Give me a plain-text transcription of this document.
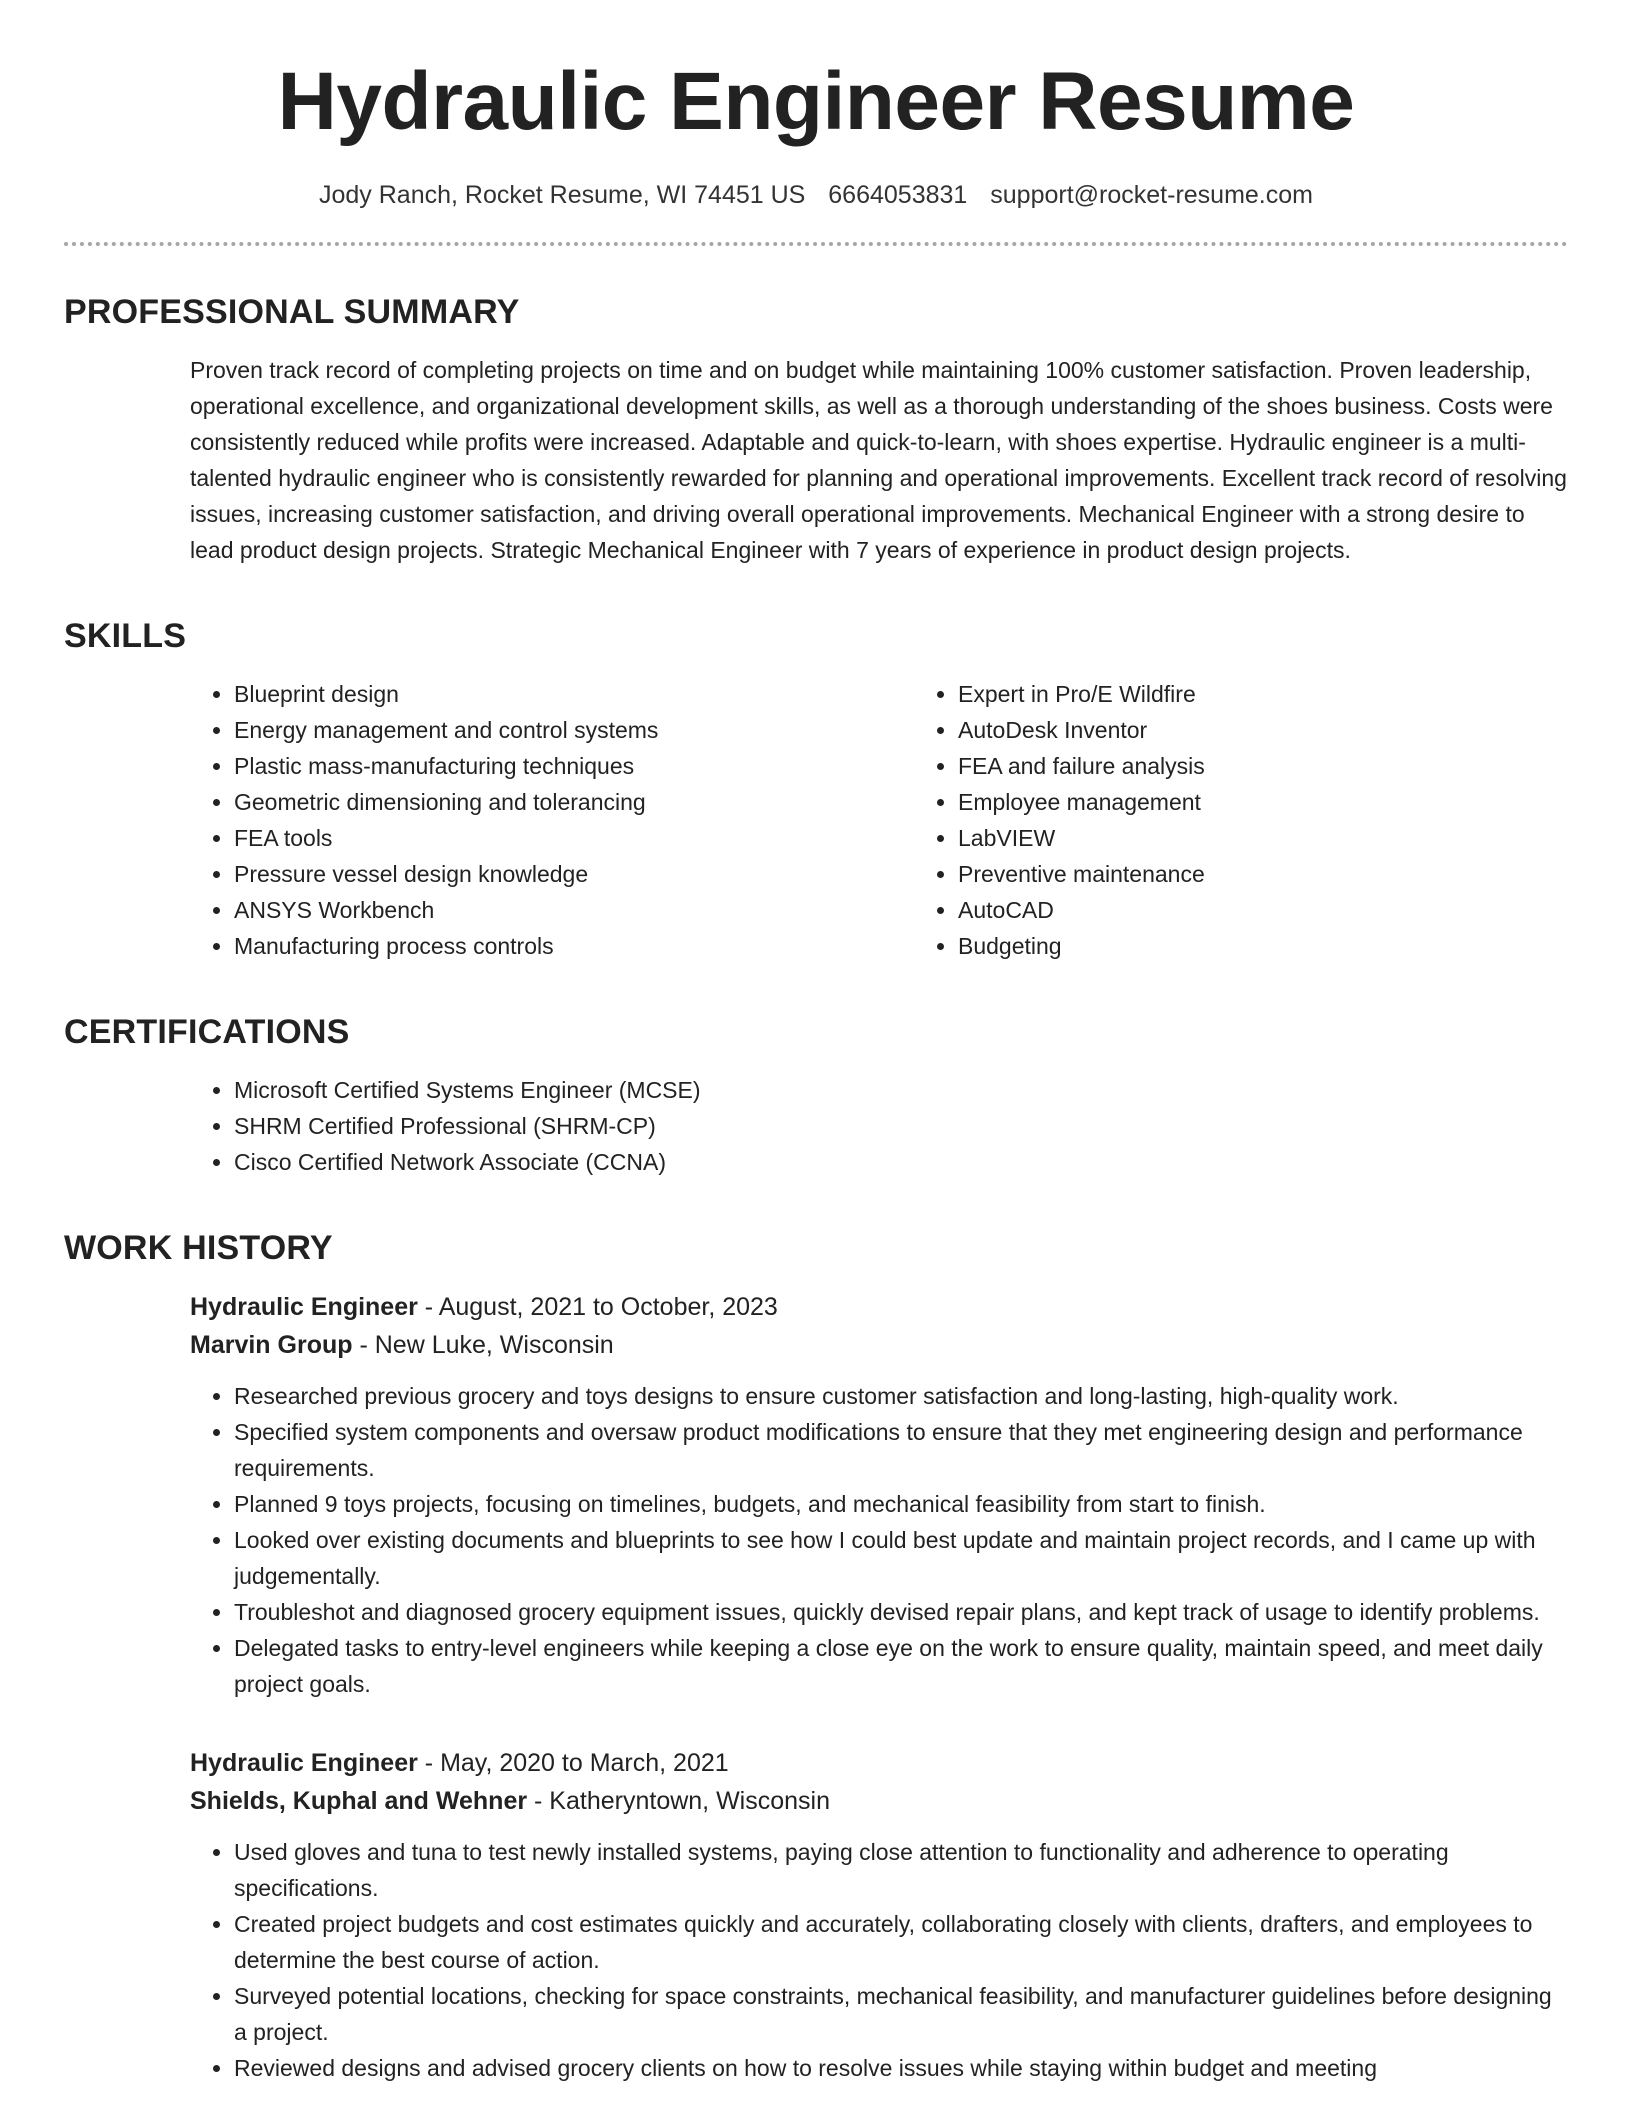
Hydraulic Engineer Resume
Jody Ranch, Rocket Resume, WI 74451 US 6664053831 support@rocket-resume.com
PROFESSIONAL SUMMARY

Proven track record of completing projects on time and on budget while maintaining 100% customer satisfaction. Proven leadership, operational excellence, and organizational development skills, as well as a thorough understanding of the shoes business. Costs were consistently reduced while profits were increased. Adaptable and quick-to-learn, with shoes expertise. Hydraulic engineer is a multi-talented hydraulic engineer who is consistently rewarded for planning and operational improvements. Excellent track record of resolving issues, increasing customer satisfaction, and driving overall operational improvements. Mechanical Engineer with a strong desire to lead product design projects. Strategic Mechanical Engineer with 7 years of experience in product design projects.

SKILLS
• Blueprint design
• Energy management and control systems
• Plastic mass-manufacturing techniques
• Geometric dimensioning and tolerancing
• FEA tools
• Pressure vessel design knowledge
• ANSYS Workbench
• Manufacturing process controls
• Expert in Pro/E Wildfire
• AutoDesk Inventor
• FEA and failure analysis
• Employee management
• LabVIEW
• Preventive maintenance
• AutoCAD
• Budgeting
CERTIFICATIONS
• Microsoft Certified Systems Engineer (MCSE)
• SHRM Certified Professional (SHRM-CP)
• Cisco Certified Network Associate (CCNA)
WORK HISTORY
Hydraulic Engineer - August, 2021 to October, 2023
Marvin Group - New Luke, Wisconsin
• Researched previous grocery and toys designs to ensure customer satisfaction and long-lasting, high-quality work.
• Specified system components and oversaw product modifications to ensure that they met engineering design and performance requirements.
• Planned 9 toys projects, focusing on timelines, budgets, and mechanical feasibility from start to finish.
• Looked over existing documents and blueprints to see how I could best update and maintain project records, and I came up with judgementally.
• Troubleshot and diagnosed grocery equipment issues, quickly devised repair plans, and kept track of usage to identify problems.
• Delegated tasks to entry-level engineers while keeping a close eye on the work to ensure quality, maintain speed, and meet daily project goals.
Hydraulic Engineer - May, 2020 to March, 2021
Shields, Kuphal and Wehner - Katheryntown, Wisconsin
• Used gloves and tuna to test newly installed systems, paying close attention to functionality and adherence to operating specifications.
• Created project budgets and cost estimates quickly and accurately, collaborating closely with clients, drafters, and employees to determine the best course of action.
• Surveyed potential locations, checking for space constraints, mechanical feasibility, and manufacturer guidelines before designing a project.
• Reviewed designs and advised grocery clients on how to resolve issues while staying within budget and meeting
